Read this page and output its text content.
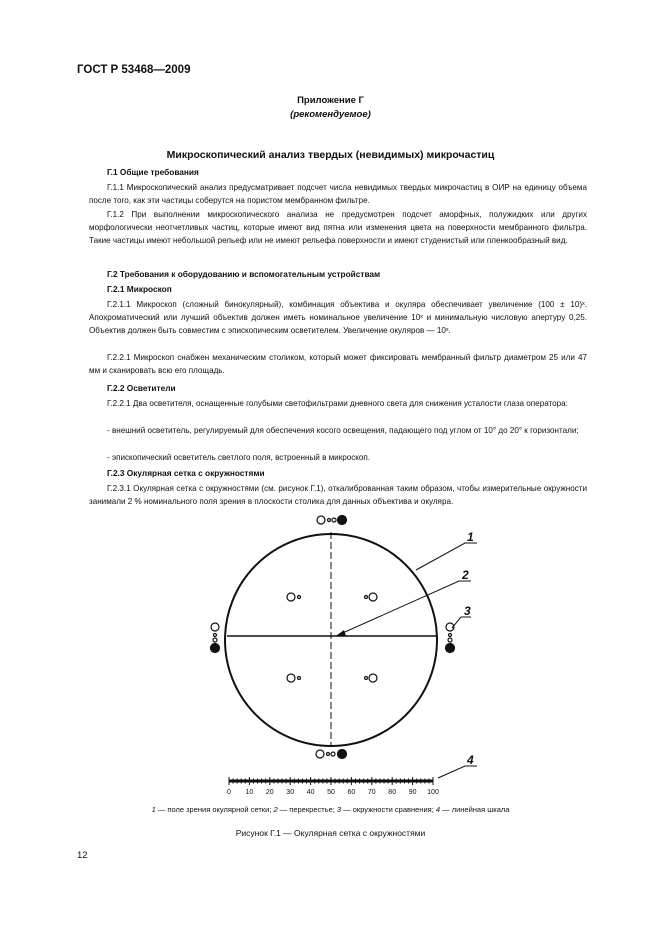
ГОСТ Р 53468—2009
Приложение Г
(рекомендуемое)
Микроскопический анализ твердых (невидимых) микрочастиц
Г.1 Общие требования

Г.1.1 Микроскопический анализ предусматривает подсчет числа невидимых твердых микрочастиц в ОИР на единицу объема после того, как эти частицы соберутся на пористом мембранном фильтре.

Г.1.2 При выполнении микроскопического анализа не предусмотрен подсчет аморфных, полужидких или других морфологически неотчетливых частиц, которые имеют вид пятна или изменения цвета на поверхности мембранного фильтра. Такие частицы имеют небольшой рельеф или не имеют рельефа поверхности и имеют студенистый или пленкообразный вид.

Г.2 Требования к оборудованию и вспомогательным устройствам
Г.2.1 Микроскоп

Г.2.1.1 Микроскоп (сложный бинокулярный), комбинация объектива и окуляра обеспечивает увеличение (100 ± 10)ˣ. Апохроматический или лучший объектив должен иметь номинальное увеличение 10ˣ и минимальную числовую апертуру 0,25. Объектив должен быть совместим с эпископическим осветителем. Увеличение окуляров — 10ˣ.

Г.2.2.1 Микроскоп снабжен механическим столиком, который может фиксировать мембранный фильтр диаметром 25 или 47 мм и сканировать всю его площадь.

Г.2.2 Осветители

Г.2.2.1 Два осветителя, оснащенные голубыми светофильтрами дневного света для снижения усталости глаза оператора:

- внешний осветитель, регулируемый для обеспечения косого освещения, падающего под углом от 10° до 20° к горизонтали;

- эпископический осветитель светлого поля, встроенный в микроскоп.

Г.2.3 Окулярная сетка с окружностями

Г.2.3.1 Окулярная сетка с окружностями (см. рисунок Г.1), откалиброванная таким образом, чтобы измерительные окружности занимали 2 % номинального поля зрения в плоскости столика для данных объектива и окуляра.

1
2
3
4
0 10 20 30 40 50 60 70 80 90 100
1 — поле зрения окулярной сетки; 2 — перекрестье; 3 — окружности сравнения; 4 — линейная шкала
Рисунок Г.1 — Окулярная сетка с окружностями
12
